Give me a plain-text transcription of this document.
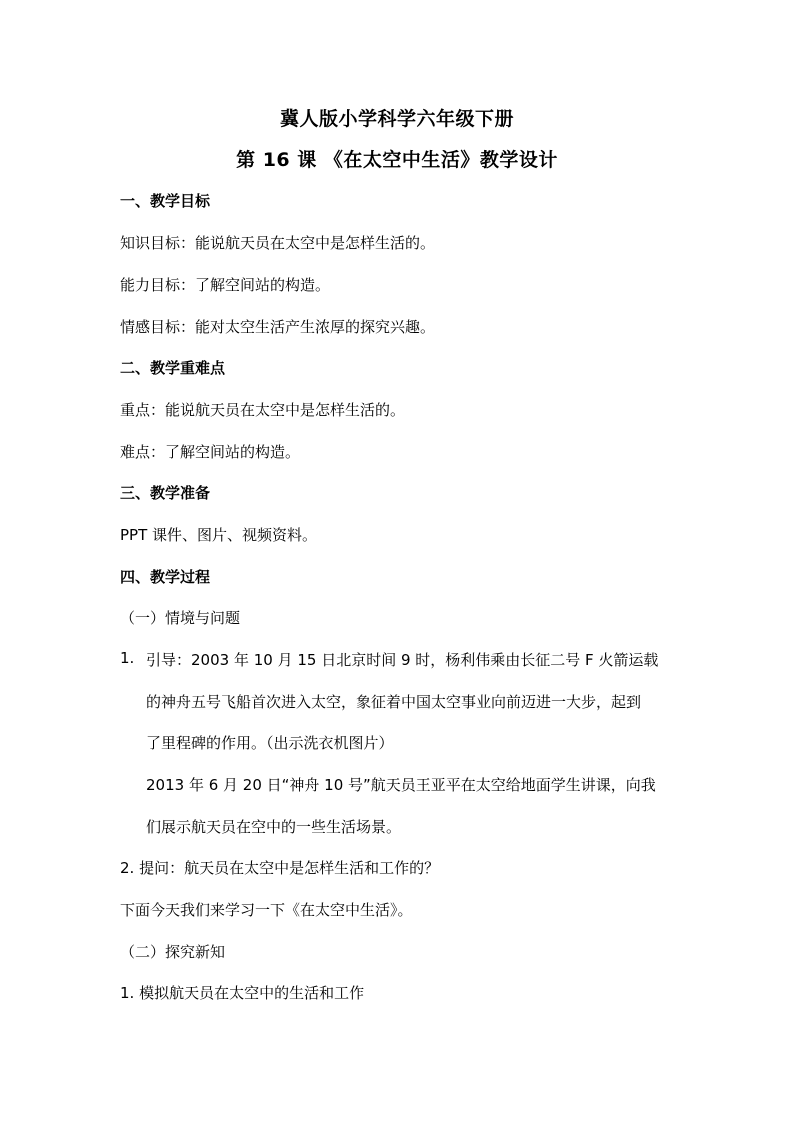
冀人版小学科学六年级下册
第 16 课 《在太空中生活》教学设计
一、教学目标
知识目标：能说航天员在太空中是怎样生活的。
能力目标：了解空间站的构造。
情感目标：能对太空生活产生浓厚的探究兴趣。
二、教学重难点
重点：能说航天员在太空中是怎样生活的。
难点：了解空间站的构造。
三、教学准备
PPT 课件、图片、视频资料。
四、教学过程
（一）情境与问题
1. 引导：2003 年 10 月 15 日北京时间 9 时，杨利伟乘由长征二号 F 火箭运载
的神舟五号飞船首次进入太空，象征着中国太空事业向前迈进一大步，起到
了里程碑的作用。（出示洗衣机图片）
2013 年 6 月 20 日“神舟 10 号”航天员王亚平在太空给地面学生讲课，向我
们展示航天员在空中的一些生活场景。
2. 提问：航天员在太空中是怎样生活和工作的？
下面今天我们来学习一下《在太空中生活》。
（二）探究新知
1. 模拟航天员在太空中的生活和工作
